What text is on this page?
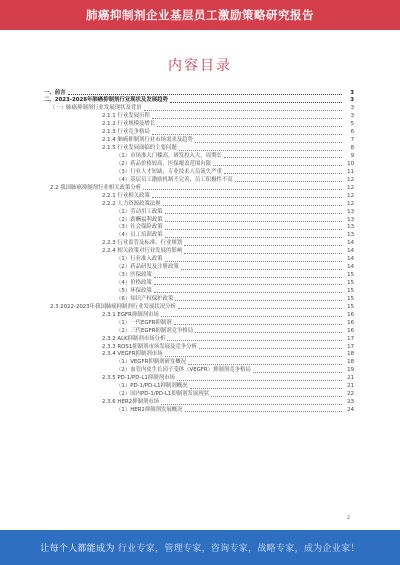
肺癌抑制剂企业基层员工激励策略研究报告
内容目录
一、前言	3
二、2023-2028年肺癌抑制剂行业现状及发展趋势	3
（一）肺癌抑制剂行业发展现状及背景	3
2.1.1 行业发展历程	3
2.1.2 行业规模及增长	5
2.1.3 行业竞争格局	6
2.1.4 肺癌抑制剂行业市场需求及趋势	7
2.1.5 行业发展面临的主要问题	8
（1）市场准入门槛高，研发投入大，周期长	9
（2）药品价格较高，医保覆盖范围有限	10
（3）行业人才短缺，专业技术人员流失严重	11
（4）基层员工激励机制不完善，员工积极性不高	12
2.2 我国肺癌抑制剂行业相关政策分析	12
2.2.1 行业相关政策	12
2.2.2 人力资源政策法规	12
（1）劳动用工政策	13
（2）薪酬福利政策	13
（3）社会保险政策	13
（4）员工培训政策	13
2.2.3 行业监管及标准、行业规划	14
2.2.4 相关政策对行业发展的影响	14
（1）行业准入政策	14
（2）药品研发及注册政策	14
（3）医保政策	15
（4）价格政策	15
（5）环保政策	15
（6）知识产权保护政策	15
2.3 2022-2023年我国肺癌抑制剂行业发展状况分析	15
2.3.1 EGFR抑制剂市场	16
（1）一代EGFR抑制剂	16
（2）三代EGFR抑制剂竞争格局	16
2.3.2 ALK抑制剂市场分析	17
2.3.3 ROS1抑制剂市场发展及竞争分析	17
2.3.4 VEGFR抑制剂市场	18
（1）VEGFR抑制剂研发概况	18
（2）血管内皮生长因子受体（VEGFR）抑制剂竞争格局	19
2.3.5 PD-1/PD-L1抑制剂市场	21
（1）PD-1/PD-L1抑制剂概况	21
（2）国内PD-1/PD-L1抑制剂发展现状	22
2.3.6 HER2抑制剂市场	23
（1）HER2抑制剂发展概况	24
2
让每个人都能成为 行业专家，管理专家，咨询专家，战略专家，成为企业家！
